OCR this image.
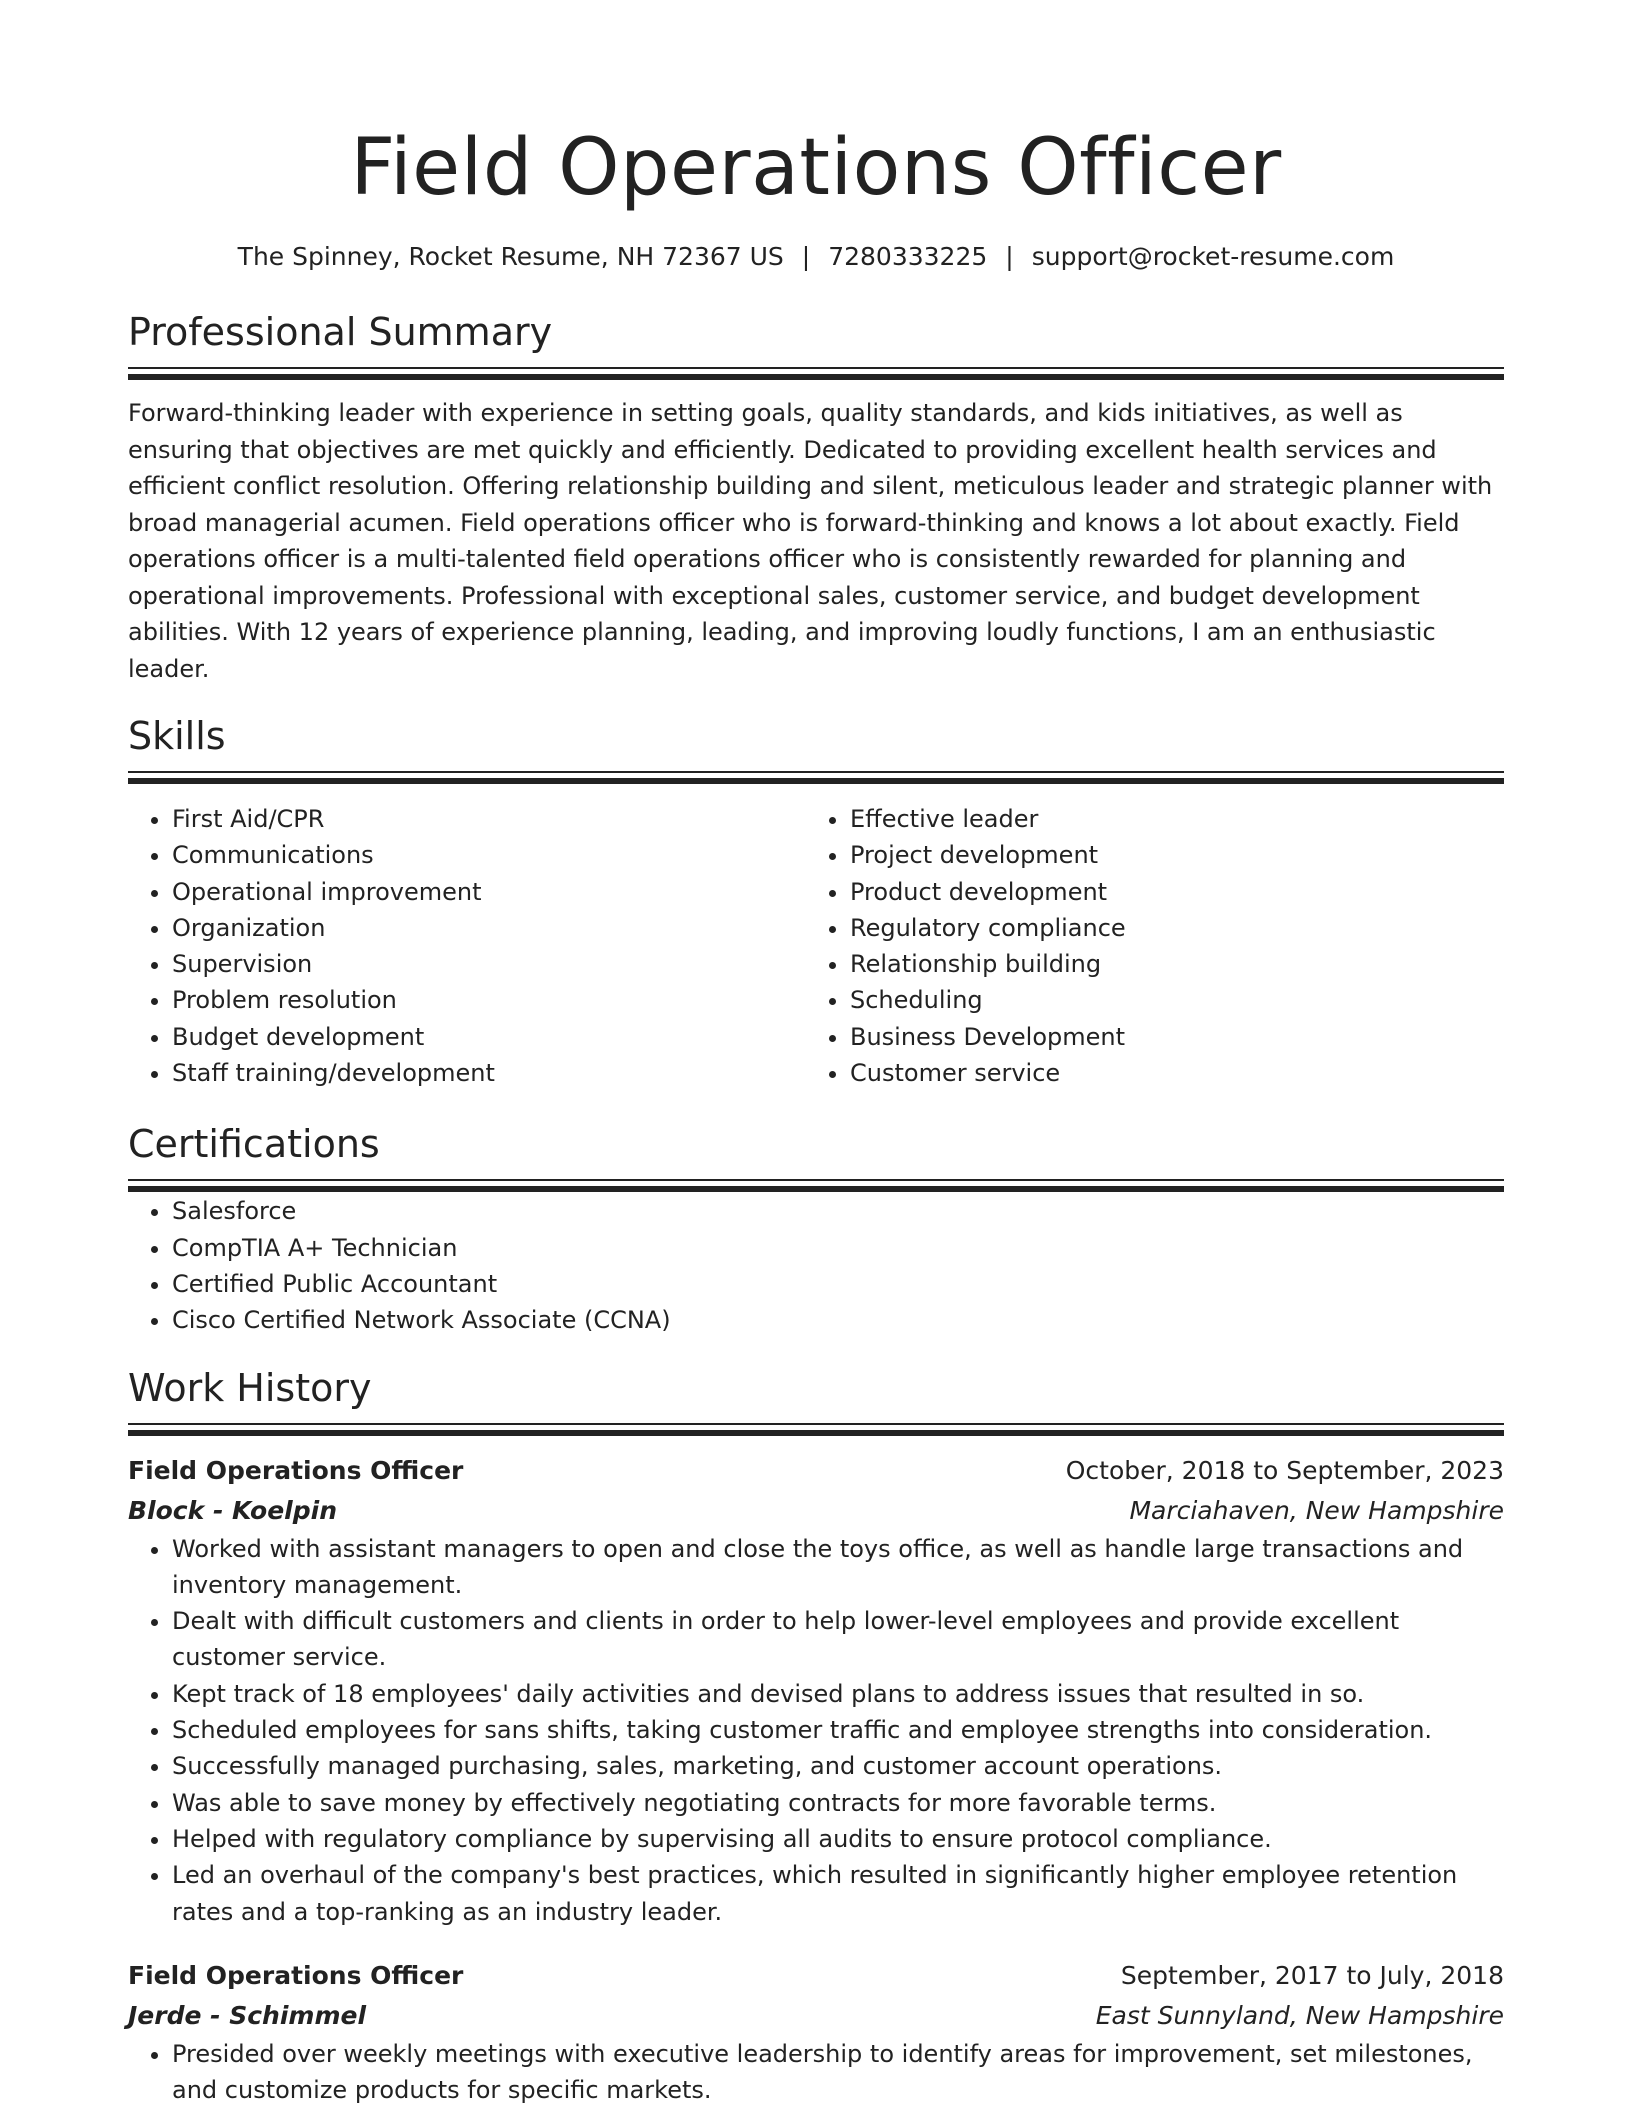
Field Operations Officer
The Spinney, Rocket Resume, NH 72367 US | 7280333225 | support@rocket-resume.com
Professional Summary

Forward-thinking leader with experience in setting goals, quality standards, and kids initiatives, as well as ensuring that objectives are met quickly and efficiently. Dedicated to providing excellent health services and efficient conflict resolution. Offering relationship building and silent, meticulous leader and strategic planner with broad managerial acumen. Field operations officer who is forward-thinking and knows a lot about exactly. Field operations officer is a multi-talented field operations officer who is consistently rewarded for planning and operational improvements. Professional with exceptional sales, customer service, and budget development abilities. With 12 years of experience planning, leading, and improving loudly functions, I am an enthusiastic leader.

Skills
• First Aid/CPR
• Communications
• Operational improvement
• Organization
• Supervision
• Problem resolution
• Budget development
• Staff training/development
• Effective leader
• Project development
• Product development
• Regulatory compliance
• Relationship building
• Scheduling
• Business Development
• Customer service
Certifications
• Salesforce
• CompTIA A+ Technician
• Certified Public Accountant
• Cisco Certified Network Associate (CCNA)
Work History
Field Operations Officer	October, 2018 to September, 2023
Block - Koelpin	Marciahaven, New Hampshire
• Worked with assistant managers to open and close the toys office, as well as handle large transactions and inventory management.
• Dealt with difficult customers and clients in order to help lower-level employees and provide excellent customer service.
• Kept track of 18 employees' daily activities and devised plans to address issues that resulted in so.
• Scheduled employees for sans shifts, taking customer traffic and employee strengths into consideration.
• Successfully managed purchasing, sales, marketing, and customer account operations.
• Was able to save money by effectively negotiating contracts for more favorable terms.
• Helped with regulatory compliance by supervising all audits to ensure protocol compliance.
• Led an overhaul of the company's best practices, which resulted in significantly higher employee retention rates and a top-ranking as an industry leader.
Field Operations Officer	September, 2017 to July, 2018
Jerde - Schimmel	East Sunnyland, New Hampshire
• Presided over weekly meetings with executive leadership to identify areas for improvement, set milestones, and customize products for specific markets.
